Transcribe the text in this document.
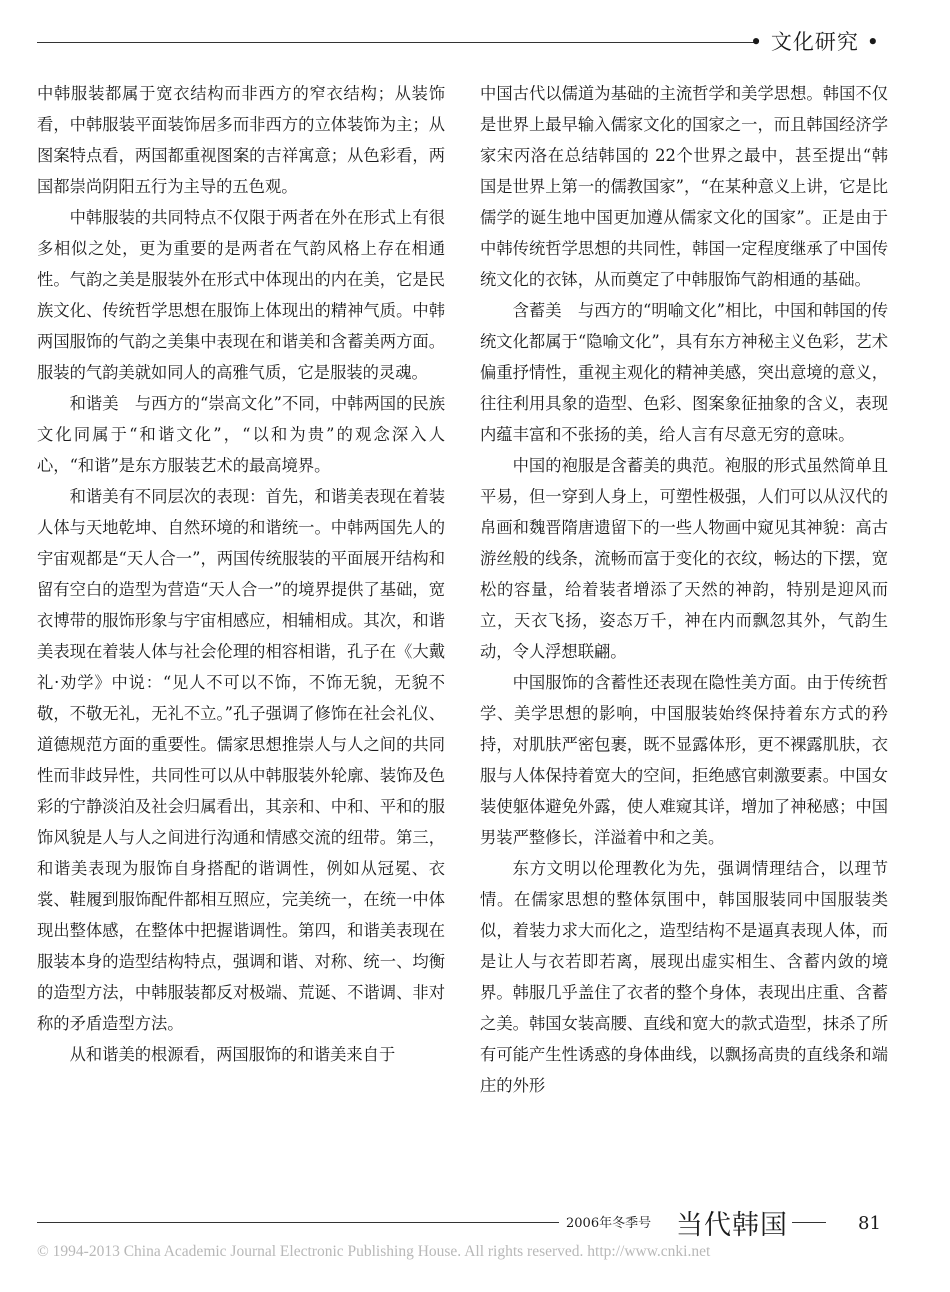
• 文化研究 •

中韩服装都属于宽衣结构而非西方的窄衣结构；从装饰看，中韩服装平面装饰居多而非西方的立体装饰为主；从图案特点看，两国都重视图案的吉祥寓意；从色彩看，两国都崇尚阴阳五行为主导的五色观。

中韩服装的共同特点不仅限于两者在外在形式上有很多相似之处，更为重要的是两者在气韵风格上存在相通性。气韵之美是服装外在形式中体现出的内在美，它是民族文化、传统哲学思想在服饰上体现出的精神气质。中韩两国服饰的气韵之美集中表现在和谐美和含蓄美两方面。服装的气韵美就如同人的高雅气质，它是服装的灵魂。

和谐美　与西方的“崇高文化”不同，中韩两国的民族文化同属于“和谐文化”，“以和为贵”的观念深入人心，“和谐”是东方服装艺术的最高境界。

和谐美有不同层次的表现：首先，和谐美表现在着装人体与天地乾坤、自然环境的和谐统一。中韩两国先人的宇宙观都是“天人合一”，两国传统服装的平面展开结构和留有空白的造型为营造“天人合一”的境界提供了基础，宽衣博带的服饰形象与宇宙相感应，相辅相成。其次，和谐美表现在着装人体与社会伦理的相容相谐，孔子在《大戴礼·劝学》中说：“见人不可以不饰，不饰无貌，无貌不敬，不敬无礼，无礼不立。”孔子强调了修饰在社会礼仪、道德规范方面的重要性。儒家思想推崇人与人之间的共同性而非歧异性，共同性可以从中韩服装外轮廓、装饰及色彩的宁静淡泊及社会归属看出，其亲和、中和、平和的服饰风貌是人与人之间进行沟通和情感交流的纽带。第三，和谐美表现为服饰自身搭配的谐调性，例如从冠冕、衣裳、鞋履到服饰配件都相互照应，完美统一，在统一中体现出整体感，在整体中把握谐调性。第四，和谐美表现在服装本身的造型结构特点，强调和谐、对称、统一、均衡的造型方法，中韩服装都反对极端、荒诞、不谐调、非对称的矛盾造型方法。

从和谐美的根源看，两国服饰的和谐美来自于

中国古代以儒道为基础的主流哲学和美学思想。韩国不仅是世界上最早输入儒家文化的国家之一，而且韩国经济学家宋丙洛在总结韩国的 22个世界之最中，甚至提出“韩国是世界上第一的儒教国家”，“在某种意义上讲，它是比儒学的诞生地中国更加遵从儒家文化的国家”。正是由于中韩传统哲学思想的共同性，韩国一定程度继承了中国传统文化的衣钵，从而奠定了中韩服饰气韵相通的基础。

含蓄美　与西方的“明喻文化”相比，中国和韩国的传统文化都属于“隐喻文化”，具有东方神秘主义色彩，艺术偏重抒情性，重视主观化的精神美感，突出意境的意义，往往利用具象的造型、色彩、图案象征抽象的含义，表现内蕴丰富和不张扬的美，给人言有尽意无穷的意味。

中国的袍服是含蓄美的典范。袍服的形式虽然简单且平易，但一穿到人身上，可塑性极强，人们可以从汉代的帛画和魏晋隋唐遗留下的一些人物画中窥见其神貌：高古游丝般的线条，流畅而富于变化的衣纹，畅达的下摆，宽松的容量，给着装者增添了天然的神韵，特别是迎风而立，天衣飞扬，姿态万千，神在内而飘忽其外，气韵生动，令人浮想联翩。

中国服饰的含蓄性还表现在隐性美方面。由于传统哲学、美学思想的影响，中国服装始终保持着东方式的矜持，对肌肤严密包裹，既不显露体形，更不裸露肌肤，衣服与人体保持着宽大的空间，拒绝感官刺激要素。中国女装使躯体避免外露，使人难窥其详，增加了神秘感；中国男装严整修长，洋溢着中和之美。

东方文明以伦理教化为先，强调情理结合，以理节情。在儒家思想的整体氛围中，韩国服装同中国服装类似，着装力求大而化之，造型结构不是逼真表现人体，而是让人与衣若即若离，展现出虚实相生、含蓄内敛的境界。韩服几乎盖住了衣者的整个身体，表现出庄重、含蓄之美。韩国女装高腰、直线和宽大的款式造型，抹杀了所有可能产生性诱惑的身体曲线，以飘扬高贵的直线条和端庄的外形

2006年冬季号 当代韩国	81
© 1994-2013 China Academic Journal Electronic Publishing House. All rights reserved. http://www.cnki.net
